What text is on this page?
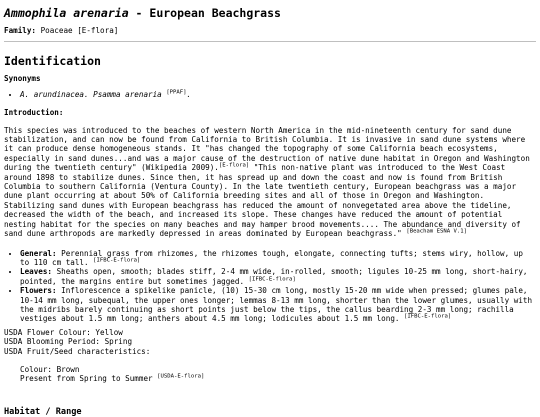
Ammophila arenaria - European Beachgrass
Family: Poaceae [E-flora]
Identification
Synonyms
• A. arundinacea. Psamma arenaria [PPAF].
Introduction:
This species was introduced to the beaches of western North America in the mid-nineteenth century for sand dune stabilization, and can now be found from California to British Columbia. It is invasive in sand dune systems where it can produce dense homogeneous stands. It "has changed the topography of some California beach ecosystems, especially in sand dunes...and was a major cause of the destruction of native dune habitat in Oregon and Washington during the twentieth century" (Wikipedia 2009).[E-flora] "This non-native plant was introduced to the West Coast around 1898 to stabilize dunes. Since then, it has spread up and down the coast and now is found from British Columbia to southern California (Ventura County). In the late twentieth century, European beachgrass was a major dune plant occurring at about 50% of California breeding sites and all of those in Oregon and Washington. Stabilizing sand dunes with European beachgrass has reduced the amount of nonvegetated area above the tideline, decreased the width of the beach, and increased its slope. These changes have reduced the amount of potential nesting habitat for the species on many beaches and may hamper brood movements.... The abundance and diversity of sand dune arthropods are markedly depressed in areas dominated by European beachgrass." [Beacham ESNA V.1]
• General: Perennial grass from rhizomes, the rhizomes tough, elongate, connecting tufts; stems wiry, hollow, up to 110 cm tall. [IFBC-E-flora]
• Leaves: Sheaths open, smooth; blades stiff, 2-4 mm wide, in-rolled, smooth; ligules 10-25 mm long, short-hairy, pointed, the margins entire but sometimes jagged. [IFBC-E-flora]
• Flowers: Inflorescence a spikelike panicle, (10) 15-30 cm long, mostly 15-20 mm wide when pressed; glumes pale, 10-14 mm long, subequal, the upper ones longer; lemmas 8-13 mm long, shorter than the lower glumes, usually with the midribs barely continuing as short points just below the tips, the callus bearding 2-3 mm long; rachilla vestiges about 1.5 mm long; anthers about 4.5 mm long; lodicules about 1.5 mm long. [IFBC-E-flora]
USDA Flower Colour: Yellow
USDA Blooming Period: Spring
USDA Fruit/Seed characteristics:
Colour: Brown
Present from Spring to Summer [USDA-E-flora]
Habitat / Range
